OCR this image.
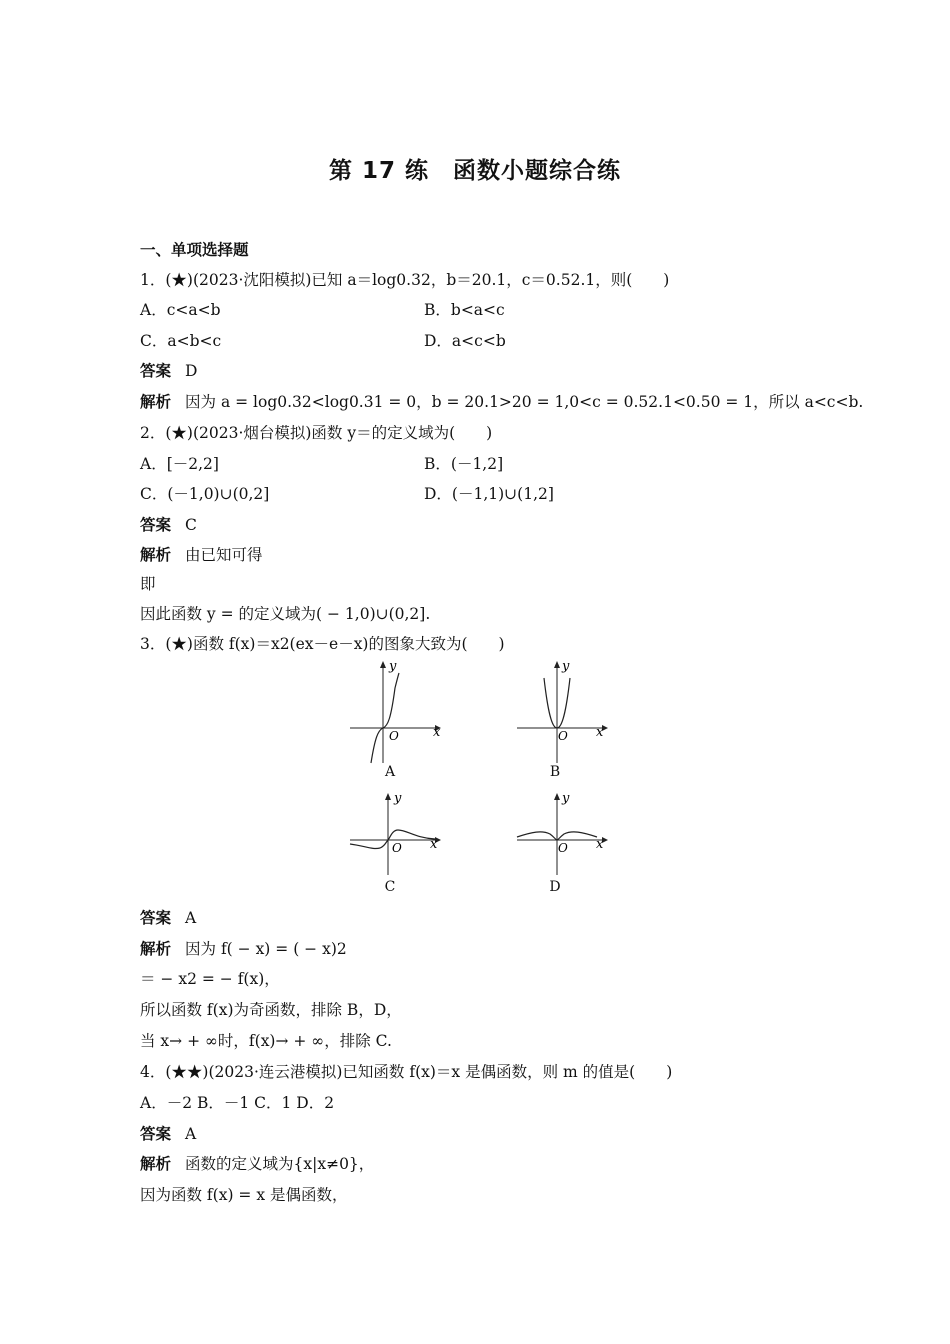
第 17 练　函数小题综合练
一、单项选择题
1．(★)(2023·沈阳模拟)已知 a＝log0.32，b＝20.1，c＝0.52.1，则(　　)
A．c<a<b	B．b<a<c
C．a<b<c	D．a<c<b
答案 D
解析 因为 a = log0.32<log0.31 = 0，b = 20.1>20 = 1,0<c = 0.52.1<0.50 = 1，所以 a<c<b.
2．(★)(2023·烟台模拟)函数 y＝的定义域为(　　)
A．[－2,2]	B．(－1,2]
C．(－1,0)∪(0,2]	D．(－1,1)∪(1,2]
答案 C
解析 由已知可得
即
因此函数 y = 的定义域为( − 1,0)∪(0,2].
3．(★)函数 f(x)＝x2(ex－e－x)的图象大致为(　　)
O	x
y
A
O x
y
B
O x
y
C
O x
y
D
答案 A
解析 因为 f( − x) = ( − x)2
＝ − x2 = − f(x)，
所以函数 f(x)为奇函数，排除 B，D，
当 x→ + ∞时，f(x)→ + ∞，排除 C.
4．(★★)(2023·连云港模拟)已知函数 f(x)＝x 是偶函数，则 m 的值是(　　)
A．－2 B．－1 C．1 D．2
答案 A
解析 函数的定义域为{x|x≠0}，
因为函数 f(x) = x 是偶函数，
